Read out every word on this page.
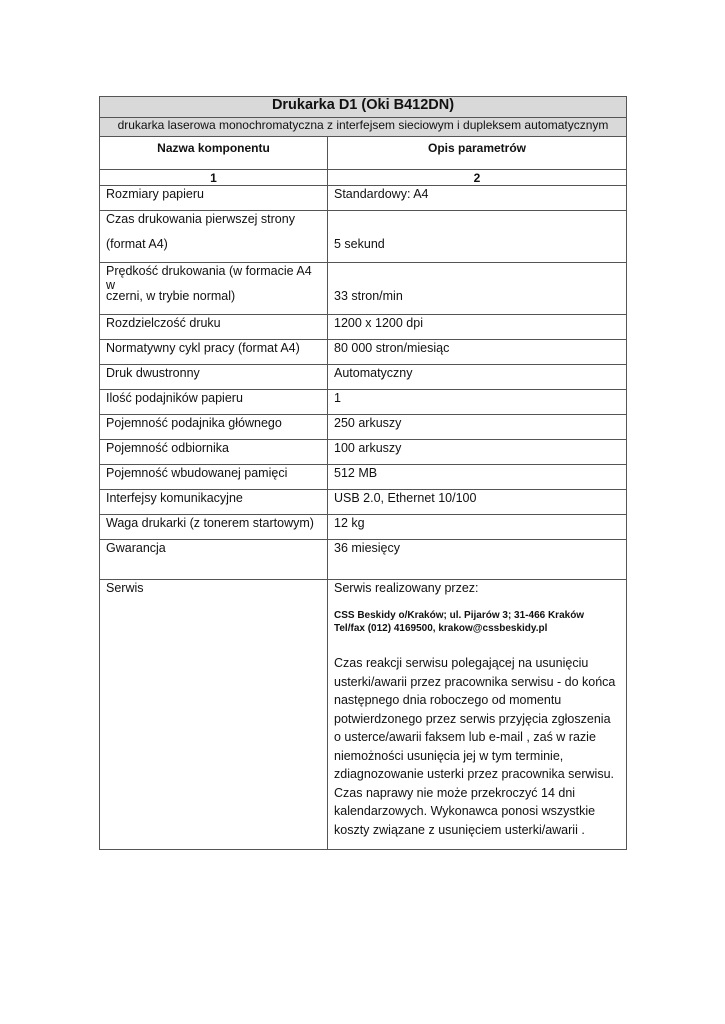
Drukarka D1 (Oki B412DN)	
drukarka laserowa monochromatyczna z interfejsem sieciowym i dupleksem automatycznym	
Nazwa komponentu	Opis parametrów
1	2
Rozmiary papieru	Standardowy: A4

Czas drukowania pierwszej strony
(format A4)	5 sekund

Prędkość drukowania (w formacie A4 w
czerni, w trybie normal)	33 stron/min

Rozdzielczość druku	1200 x 1200 dpi
Normatywny cykl pracy (format A4)	80 000 stron/miesiąc
Druk dwustronny	Automatyczny
Ilość podajników papieru	1
Pojemność podajnika głównego	250 arkuszy
Pojemność odbiornika	100 arkuszy
Pojemność wbudowanej pamięci	512 MB
Interfejsy komunikacyjne	USB 2.0, Ethernet 10/100
Waga drukarki (z tonerem startowym)	12 kg
Gwarancja	36 miesięcy
Serwis	Serwis realizowany przez:
CSS Beskidy o/Kraków; ul. Pijarów 3; 31-466 Kraków
Tel/fax (012) 4169500, krakow@cssbeskidy.pl
Czas reakcji serwisu polegającej na usunięciu usterki/awarii przez pracownika serwisu - do końca następnego dnia roboczego od momentu potwierdzonego przez serwis przyjęcia zgłoszenia o usterce/awarii faksem lub e-mail , zaś w razie niemożności usunięcia jej w tym terminie, zdiagnozowanie usterki przez pracownika serwisu. Czas naprawy nie może przekroczyć 14 dni kalendarzowych. Wykonawca ponosi wszystkie koszty związane z usunięciem usterki/awarii .
